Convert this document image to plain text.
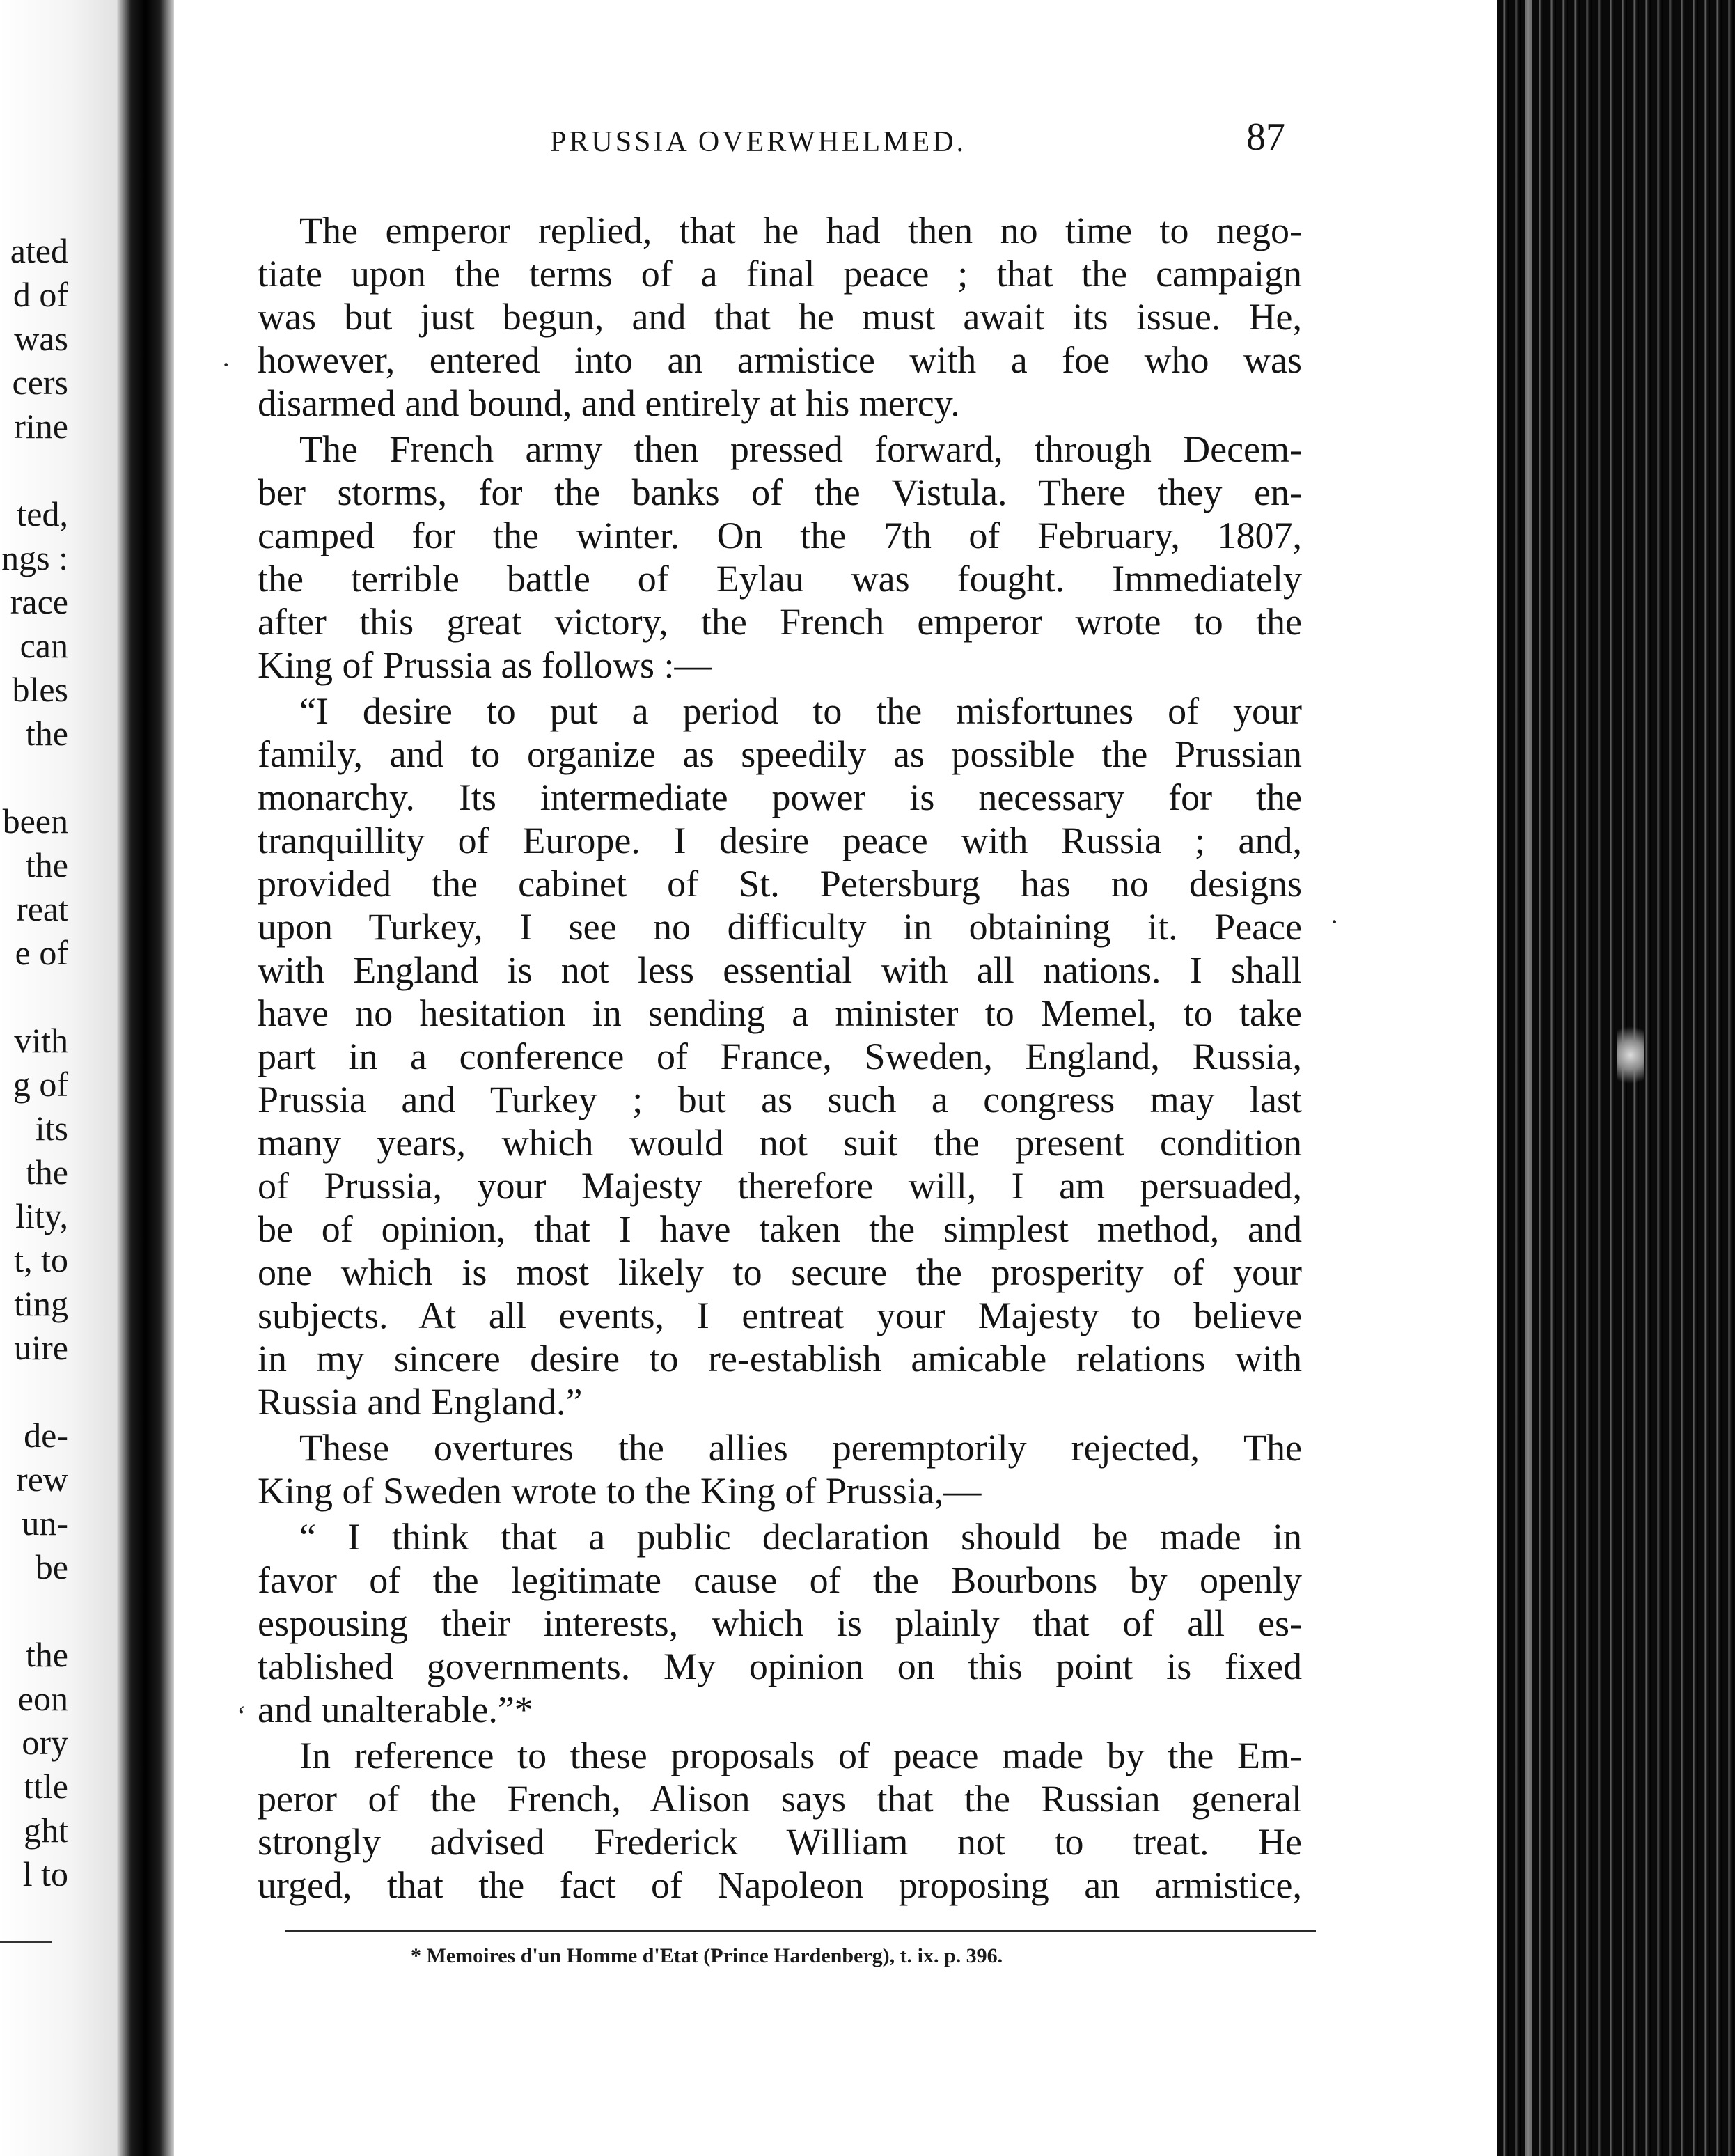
ated
d of
was
cers
rine
ted,
ngs :
race
can
bles
the
been
the
reat
e of
vith
g of
its
the
lity,
t, to
ting
uire
de-
rew
un-
be
the
eon
ory
ttle
ght
l to
PRUSSIA OVERWHELMED.	87
The emperor replied, that he had then no time to nego-
tiate upon the terms of a final peace ; that the campaign
was but just begun, and that he must await its issue. He,
however, entered into an armistice with a foe who was
disarmed and bound, and entirely at his mercy.
The French army then pressed forward, through Decem-
ber storms, for the banks of the Vistula. There they en-
camped for the winter. On the 7th of February, 1807,
the terrible battle of Eylau was fought. Immediately
after this great victory, the French emperor wrote to the
King of Prussia as follows :—
“I desire to put a period to the misfortunes of your
family, and to organize as speedily as possible the Prussian
monarchy. Its intermediate power is necessary for the
tranquillity of Europe. I desire peace with Russia ; and,
provided the cabinet of St. Petersburg has no designs
upon Turkey, I see no difficulty in obtaining it. Peace
with England is not less essential with all nations. I shall
have no hesitation in sending a minister to Memel, to take
part in a conference of France, Sweden, England, Russia,
Prussia and Turkey ; but as such a congress may last
many years, which would not suit the present condition
of Prussia, your Majesty therefore will, I am persuaded,
be of opinion, that I have taken the simplest method, and
one which is most likely to secure the prosperity of your
subjects. At all events, I entreat your Majesty to believe
in my sincere desire to re-establish amicable relations with
Russia and England.”
These overtures the allies peremptorily rejected, The
King of Sweden wrote to the King of Prussia,—
“ I think that a public declaration should be made in
favor of the legitimate cause of the Bourbons by openly
espousing their interests, which is plainly that of all es-
tablished governments. My opinion on this point is fixed
and unalterable.”*
In reference to these proposals of peace made by the Em-
peror of the French, Alison says that the Russian general
strongly advised Frederick William not to treat. He
urged, that the fact of Napoleon proposing an armistice,
* Memoires d'un Homme d'Etat (Prince Hardenberg), t. ix. p. 396.
‘
·
·
